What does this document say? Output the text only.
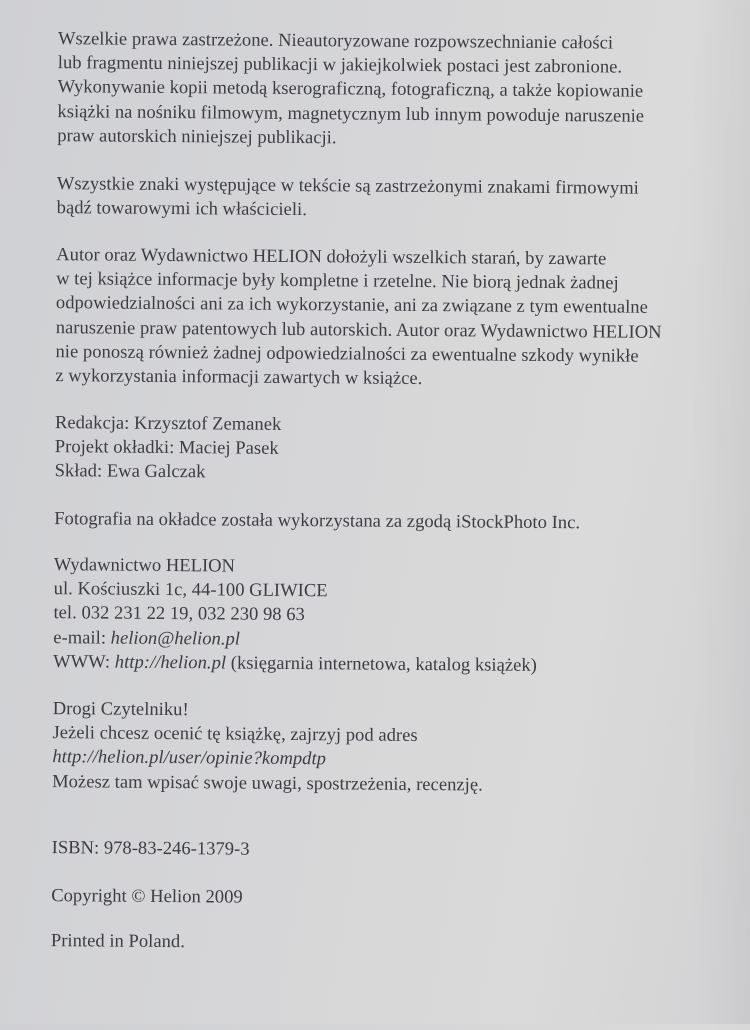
Wszelkie prawa zastrzeżone. Nieautoryzowane rozpowszechnianie całości
lub fragmentu niniejszej publikacji w jakiejkolwiek postaci jest zabronione.
Wykonywanie kopii metodą kserograficzną, fotograficzną, a także kopiowanie
książki na nośniku filmowym, magnetycznym lub innym powoduje naruszenie
praw autorskich niniejszej publikacji.

Wszystkie znaki występujące w tekście są zastrzeżonymi znakami firmowymi
bądź towarowymi ich właścicieli.

Autor oraz Wydawnictwo HELION dołożyli wszelkich starań, by zawarte
w tej książce informacje były kompletne i rzetelne. Nie biorą jednak żadnej
odpowiedzialności ani za ich wykorzystanie, ani za związane z tym ewentualne
naruszenie praw patentowych lub autorskich. Autor oraz Wydawnictwo HELION
nie ponoszą również żadnej odpowiedzialności za ewentualne szkody wynikłe
z wykorzystania informacji zawartych w książce.

Redakcja: Krzysztof Zemanek
Projekt okładki: Maciej Pasek
Skład: Ewa Galczak

Fotografia na okładce została wykorzystana za zgodą iStockPhoto Inc.

Wydawnictwo HELION
ul. Kościuszki 1c, 44-100 GLIWICE
tel. 032 231 22 19, 032 230 98 63
e-mail: helion@helion.pl
WWW: http://helion.pl (księgarnia internetowa, katalog książek)

Drogi Czytelniku!
Jeżeli chcesz ocenić tę książkę, zajrzyj pod adres
http://helion.pl/user/opinie?kompdtp
Możesz tam wpisać swoje uwagi, spostrzeżenia, recenzję.

ISBN: 978-83-246-1379-3

Copyright © Helion 2009

Printed in Poland.
